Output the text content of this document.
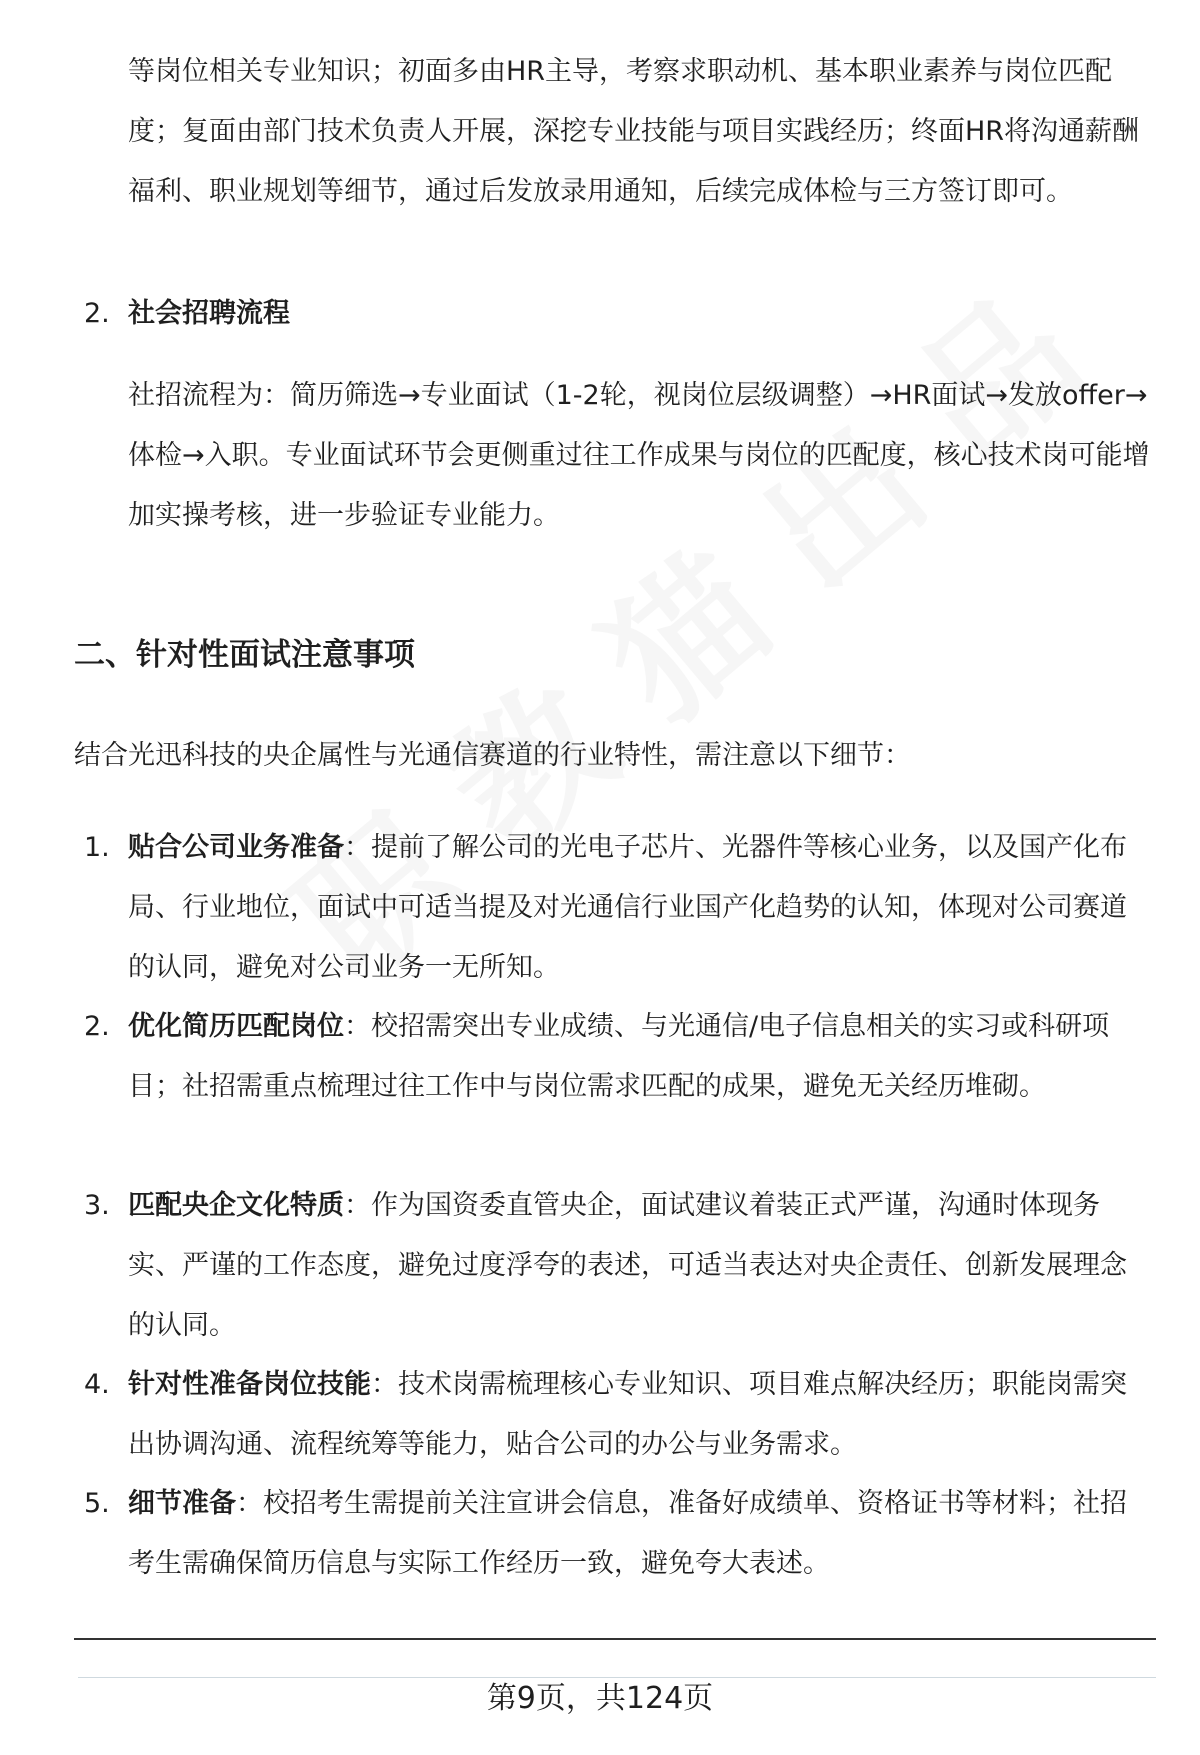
等岗位相关专业知识；初面多由HR主导，考察求职动机、基本职业素养与岗位匹配度；复面由部门技术负责人开展，深挖专业技能与项目实践经历；终面HR将沟通薪酬福利、职业规划等细节，通过后发放录用通知，后续完成体检与三方签订即可。

2. 社会招聘流程

社招流程为：简历筛选→专业面试（1-2轮，视岗位层级调整）→HR面试→发放offer→体检→入职。专业面试环节会更侧重过往工作成果与岗位的匹配度，核心技术岗可能增加实操考核，进一步验证专业能力。

二、针对性面试注意事项

结合光迅科技的央企属性与光通信赛道的行业特性，需注意以下细节：

1. 贴合公司业务准备：提前了解公司的光电子芯片、光器件等核心业务，以及国产化布局、行业地位，面试中可适当提及对光通信行业国产化趋势的认知，体现对公司赛道的认同，避免对公司业务一无所知。

2. 优化简历匹配岗位：校招需突出专业成绩、与光通信/电子信息相关的实习或科研项目；社招需重点梳理过往工作中与岗位需求匹配的成果，避免无关经历堆砌。

3. 匹配央企文化特质：作为国资委直管央企，面试建议着装正式严谨，沟通时体现务实、严谨的工作态度，避免过度浮夸的表述，可适当表达对央企责任、创新发展理念的认同。

4. 针对性准备岗位技能：技术岗需梳理核心专业知识、项目难点解决经历；职能岗需突出协调沟通、流程统筹等能力，贴合公司的办公与业务需求。

5. 细节准备：校招考生需提前关注宣讲会信息，准备好成绩单、资格证书等材料；社招考生需确保简历信息与实际工作经历一致，避免夸大表述。

第9页，共124页
